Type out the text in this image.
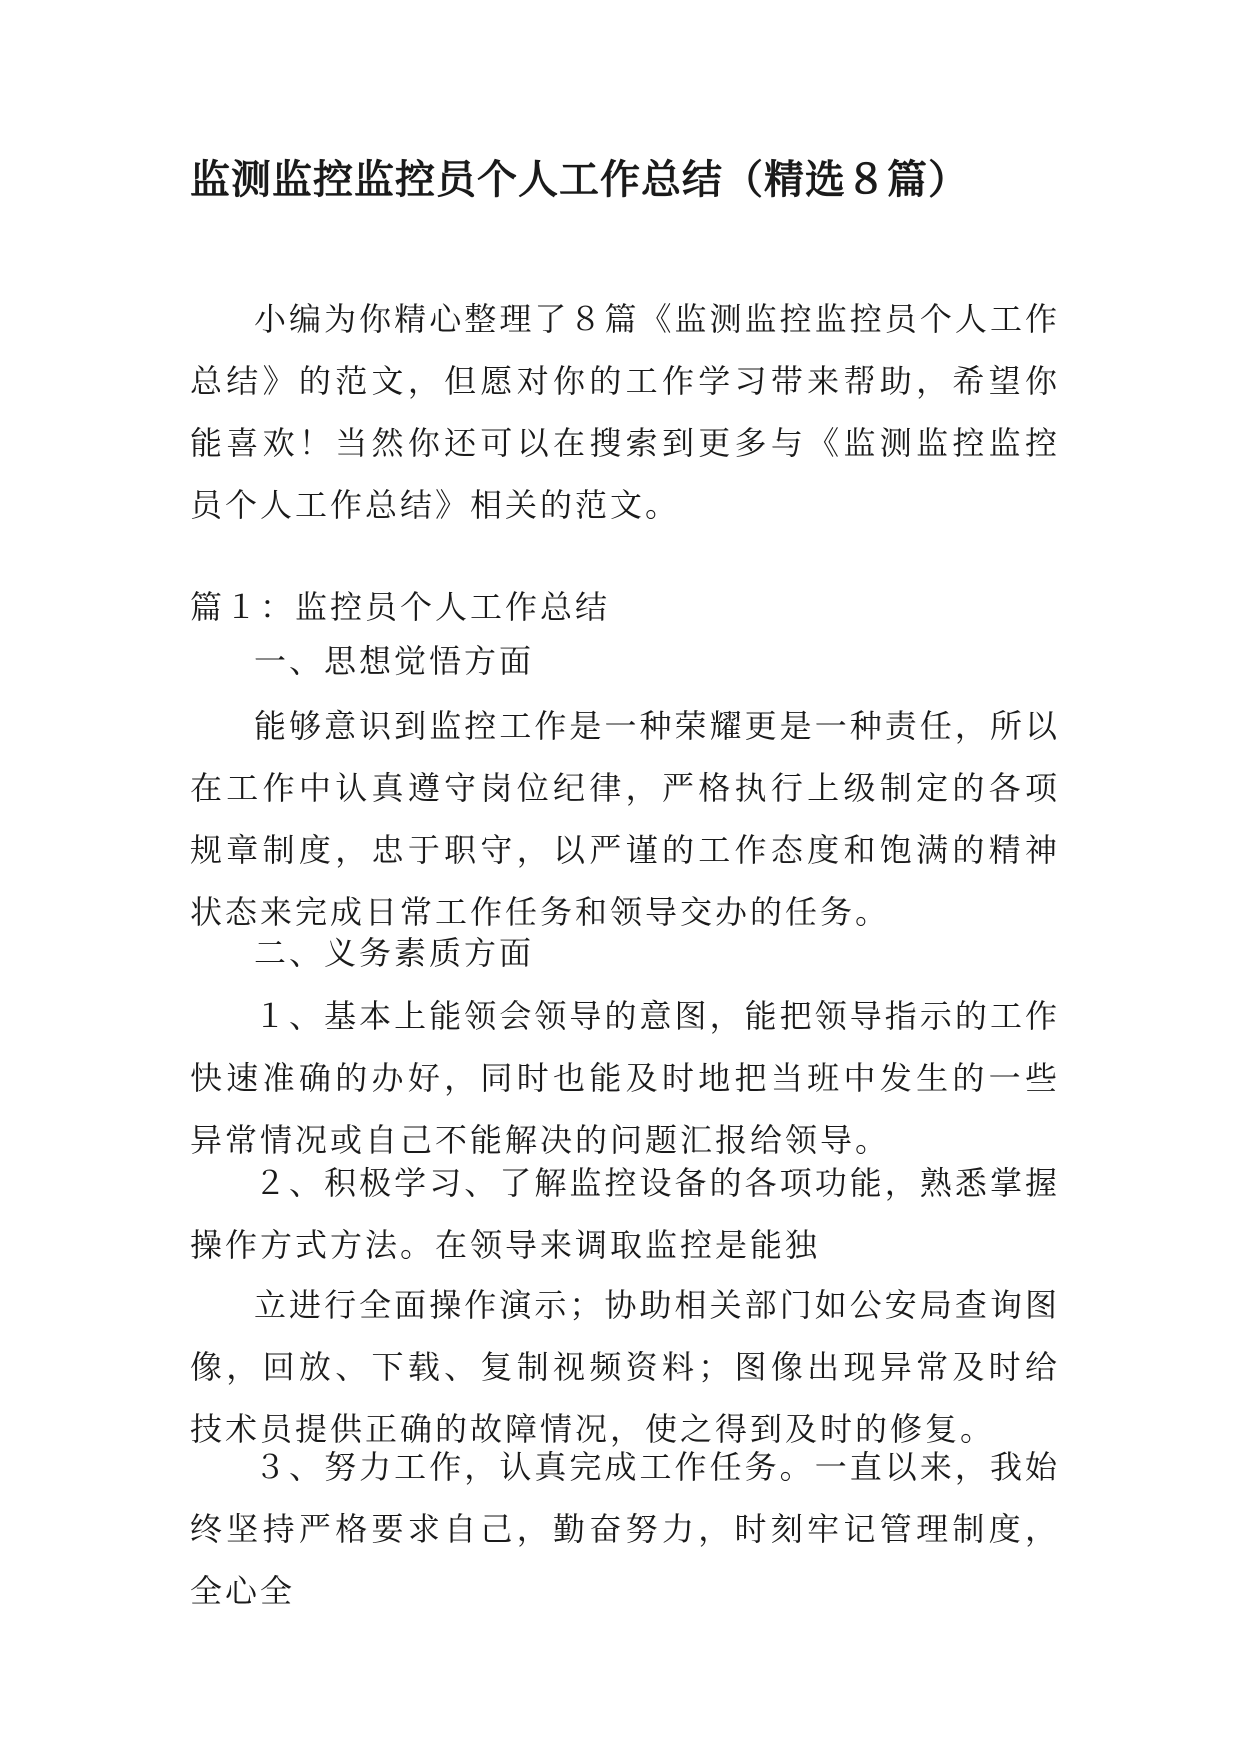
监测监控监控员个人工作总结（精选８篇）

小编为你精心整理了８篇《监测监控监控员个人工作总结》的范文，但愿对你的工作学习带来帮助，希望你能喜欢！当然你还可以在搜索到更多与《监测监控监控员个人工作总结》相关的范文。

篇１：监控员个人工作总结

一、思想觉悟方面

能够意识到监控工作是一种荣耀更是一种责任，所以在工作中认真遵守岗位纪律，严格执行上级制定的各项规章制度，忠于职守，以严谨的工作态度和饱满的精神状态来完成日常工作任务和领导交办的任务。

二、义务素质方面

１、基本上能领会领导的意图，能把领导指示的工作快速准确的办好，同时也能及时地把当班中发生的一些异常情况或自己不能解决的问题汇报给领导。

２、积极学习、了解监控设备的各项功能，熟悉掌握操作方式方法。在领导来调取监控是能独

立进行全面操作演示；协助相关部门如公安局查询图像，回放、下载、复制视频资料；图像出现异常及时给技术员提供正确的故障情况，使之得到及时的修复。

３、努力工作，认真完成工作任务。一直以来，我始终坚持严格要求自己，勤奋努力，时刻牢记管理制度，全心全
